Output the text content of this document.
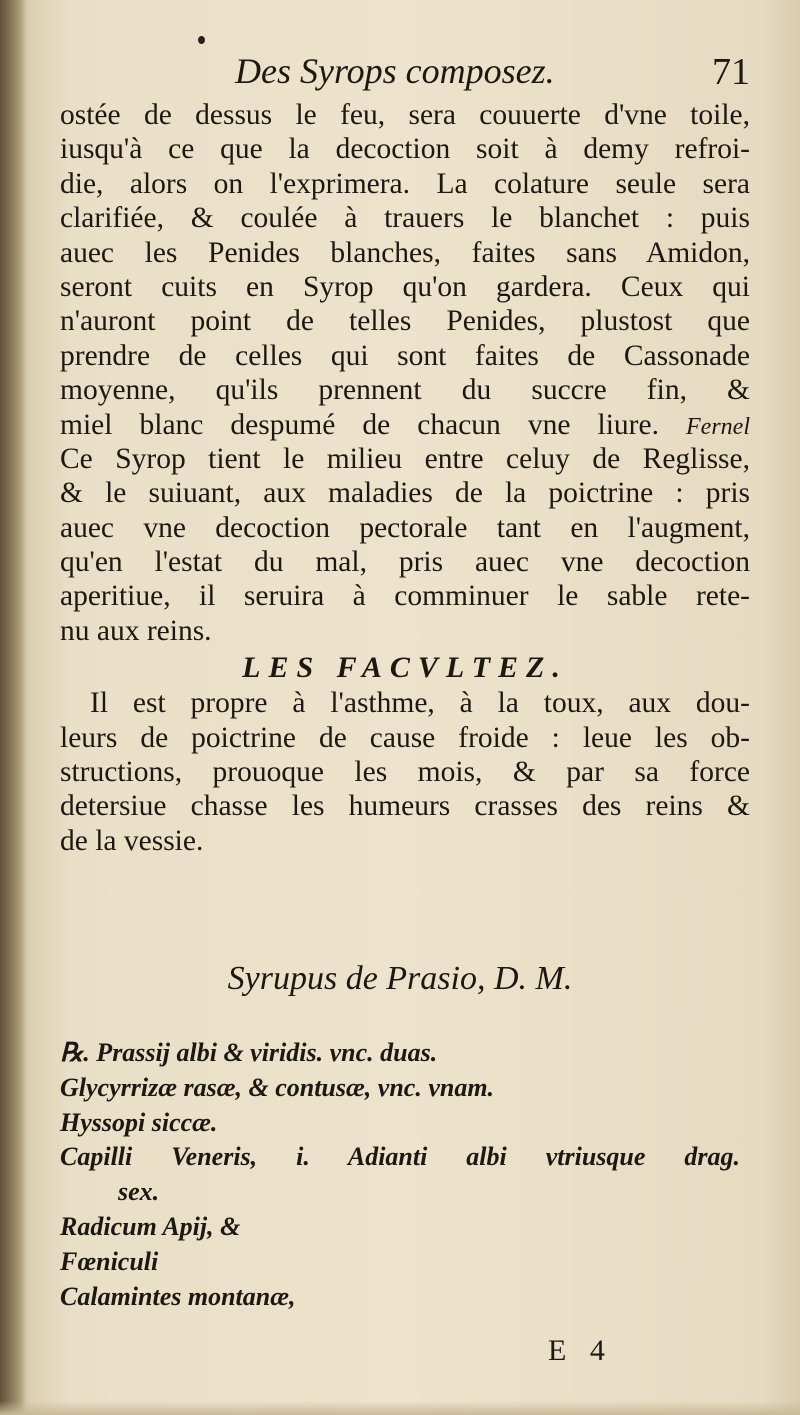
Des Syrops composez.	71
ostée de dessus le feu, sera couuerte d'vne toile,
iusqu'à ce que la decoction soit à demy refroi-
die, alors on l'exprimera. La colature seule sera
clarifiée, & coulée à trauers le blanchet : puis
auec les Penides blanches, faites sans Amidon,
seront cuits en Syrop qu'on gardera. Ceux qui
n'auront point de telles Penides, plustost que
prendre de celles qui sont faites de Cassonade
moyenne, qu'ils prennent du succre fin, &
miel blanc despumé de chacun vne liure. Fernel
Ce Syrop tient le milieu entre celuy de Reglisse,
& le suiuant, aux maladies de la poictrine : pris
auec vne decoction pectorale tant en l'augment,
qu'en l'estat du mal, pris auec vne decoction
aperitiue, il seruira à comminuer le sable rete-
nu aux reins.
LES FACVLTEZ.
Il est propre à l'asthme, à la toux, aux dou-
leurs de poictrine de cause froide : leue les ob-
structions, prouoque les mois, & par sa force
detersiue chasse les humeurs crasses des reins &
de la vessie.
Syrupus de Prasio, D. M.
℞. Prassij albi & viridis. vnc. duas.
Glycyrrizæ rasæ, & contusæ, vnc. vnam.
Hyssopi siccæ.
Capilli Veneris, i. Adianti albi vtriusque drag.
sex.
Radicum Apij, &
Fœniculi
Calamintes montanæ,
E 4
